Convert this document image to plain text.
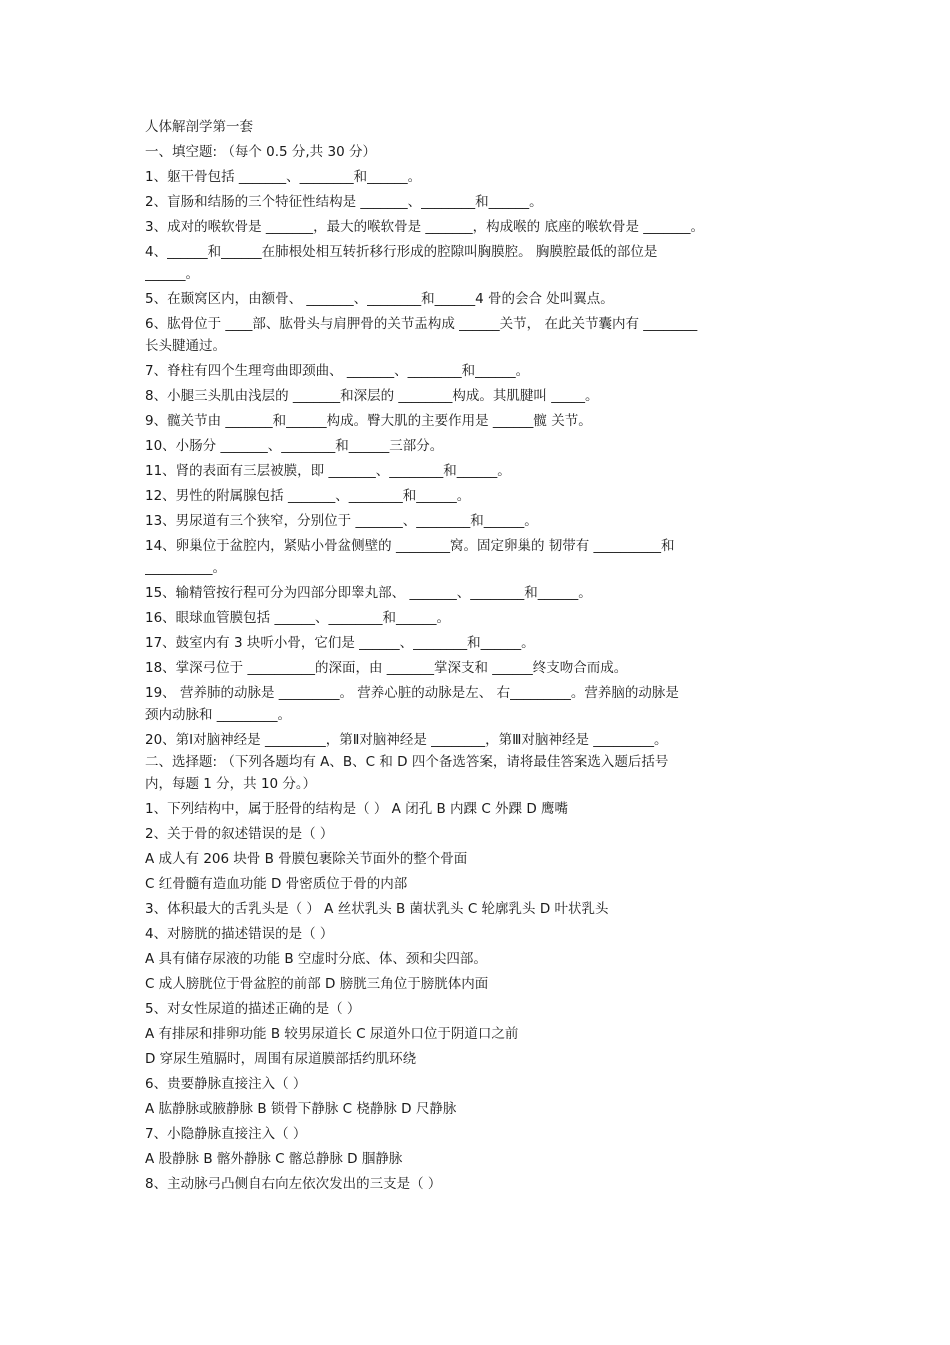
人体解剖学第一套
一、填空题: （每个 0.5 分,共 30 分）
1、躯干骨包括 _______、________和______。
2、盲肠和结肠的三个特征性结构是 _______、________和______。
3、成对的喉软骨是 _______，最大的喉软骨是 _______，构成喉的 底座的喉软骨是 _______。
4、______和______在肺根处相互转折移行形成的腔隙叫胸膜腔。 胸膜腔最低的部位是
______。
5、在颞窝区内，由额骨、 _______、________和______4 骨的会合 处叫翼点。
6、肱骨位于 ____部、肱骨头与肩胛骨的关节盂构成 ______关节， 在此关节囊内有 ________
长头腱通过。
7、脊柱有四个生理弯曲即颈曲、 _______、________和______。
8、小腿三头肌由浅层的 _______和深层的 ________构成。其肌腱叫 _____。
9、髋关节由 _______和______构成。臀大肌的主要作用是 ______髋 关节。
10、小肠分 _______、________和______三部分。
11、肾的表面有三层被膜，即 _______、________和______。
12、男性的附属腺包括 _______、________和______。
13、男尿道有三个狭窄，分别位于 _______、________和______。
14、卵巢位于盆腔内，紧贴小骨盆侧壁的 ________窝。固定卵巢的 韧带有 __________和
__________。
15、输精管按行程可分为四部分即睾丸部、 _______、________和______。
16、眼球血管膜包括 ______、________和______。
17、鼓室内有 3 块听小骨，它们是 ______、________和______。
18、掌深弓位于 __________的深面，由 _______掌深支和 ______终支吻合而成。
19、 营养肺的动脉是 _________。 营养心脏的动脉是左、 右_________。营养脑的动脉是
颈内动脉和 _________。
20、第Ⅰ对脑神经是 _________，第Ⅱ对脑神经是 ________，第Ⅲ对脑神经是 _________。
二、选择题: （下列各题均有 A、B、C 和 D 四个备选答案，请将最佳答案选入题后括号
内，每题 1 分，共 10 分。）
1、下列结构中，属于胫骨的结构是（ ） A 闭孔 B 内踝 C 外踝 D 鹰嘴
2、关于骨的叙述错误的是（ ）
A 成人有 206 块骨 B 骨膜包裹除关节面外的整个骨面
C 红骨髓有造血功能 D 骨密质位于骨的内部
3、体积最大的舌乳头是（ ） A 丝状乳头 B 菌状乳头 C 轮廓乳头 D 叶状乳头
4、对膀胱的描述错误的是（ ）
A 具有储存尿液的功能 B 空虚时分底、体、颈和尖四部。
C 成人膀胱位于骨盆腔的前部 D 膀胱三角位于膀胱体内面
5、对女性尿道的描述正确的是（ ）
A 有排尿和排卵功能 B 较男尿道长 C 尿道外口位于阴道口之前
D 穿尿生殖膈时，周围有尿道膜部括约肌环绕
6、贵要静脉直接注入（ ）
A 肱静脉或腋静脉 B 锁骨下静脉 C 桡静脉 D 尺静脉
7、小隐静脉直接注入（ ）
A 股静脉 B 髂外静脉 C 髂总静脉 D 腘静脉
8、主动脉弓凸侧自右向左依次发出的三支是（ ）
